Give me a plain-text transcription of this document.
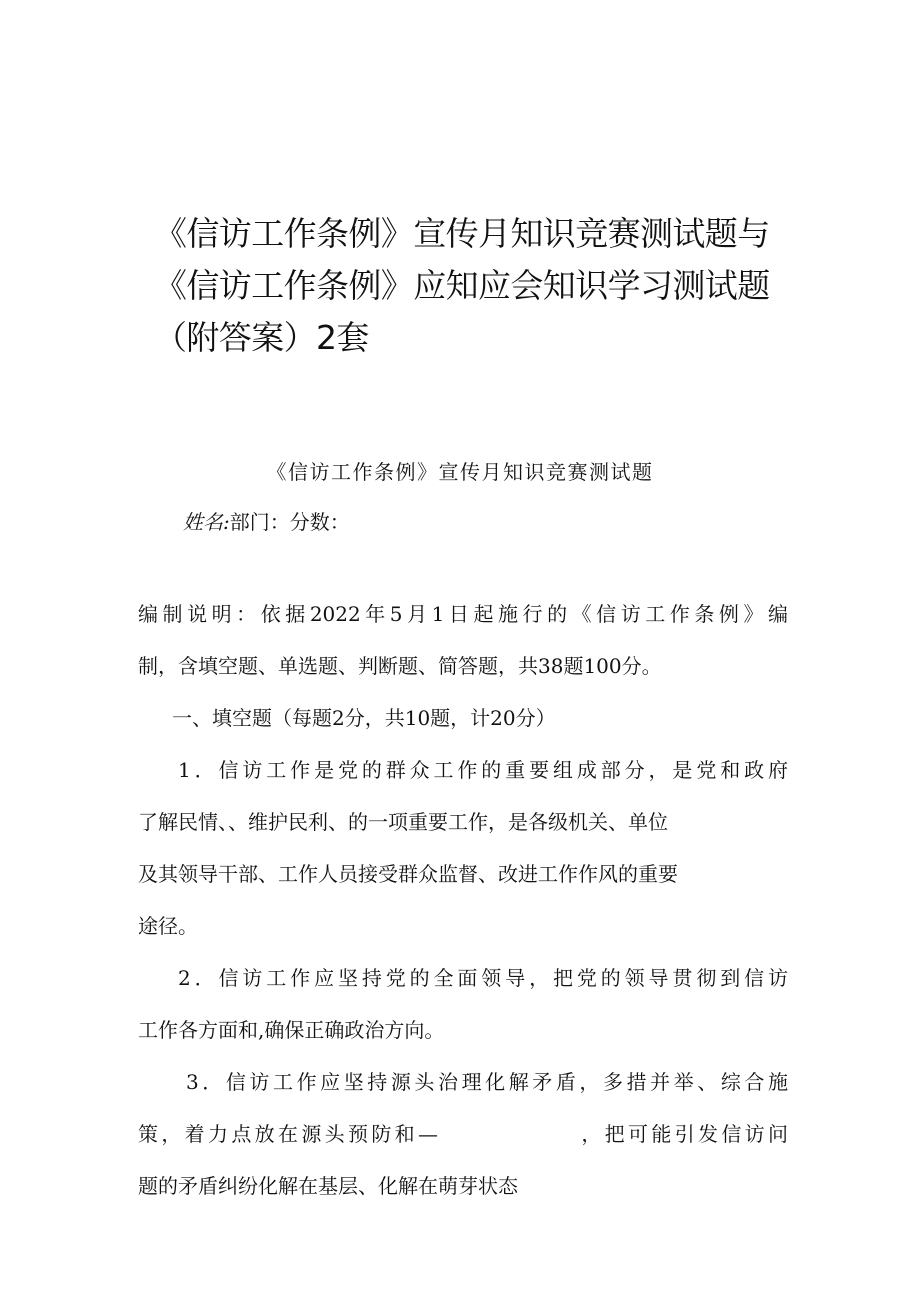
《信访工作条例》宣传月知识竞赛测试题与
《信访工作条例》应知应会知识学习测试题
（附答案）2套
《信访工作条例》宣传月知识竞赛测试题
姓名:部门：分数：

编制说明：依据2022年5月1日起施行的《信访工作条例》编
制，含填空题、单选题、判断题、简答题，共38题100分。

一、填空题（每题2分，共10题，计20分）

1．信访工作是党的群众工作的重要组成部分，是党和政府
了解民情、、维护民利、的一项重要工作，是各级机关、单位
及其领导干部、工作人员接受群众监督、改进工作作风的重要
途径。

2．信访工作应坚持党的全面领导，把党的领导贯彻到信访
工作各方面和,确保正确政治方向。

3．信访工作应坚持源头治理化解矛盾，多措并举、综合施
策，着力点放在源头预防和—	，把可能引发信访问
题的矛盾纠纷化解在基层、化解在萌芽状态
